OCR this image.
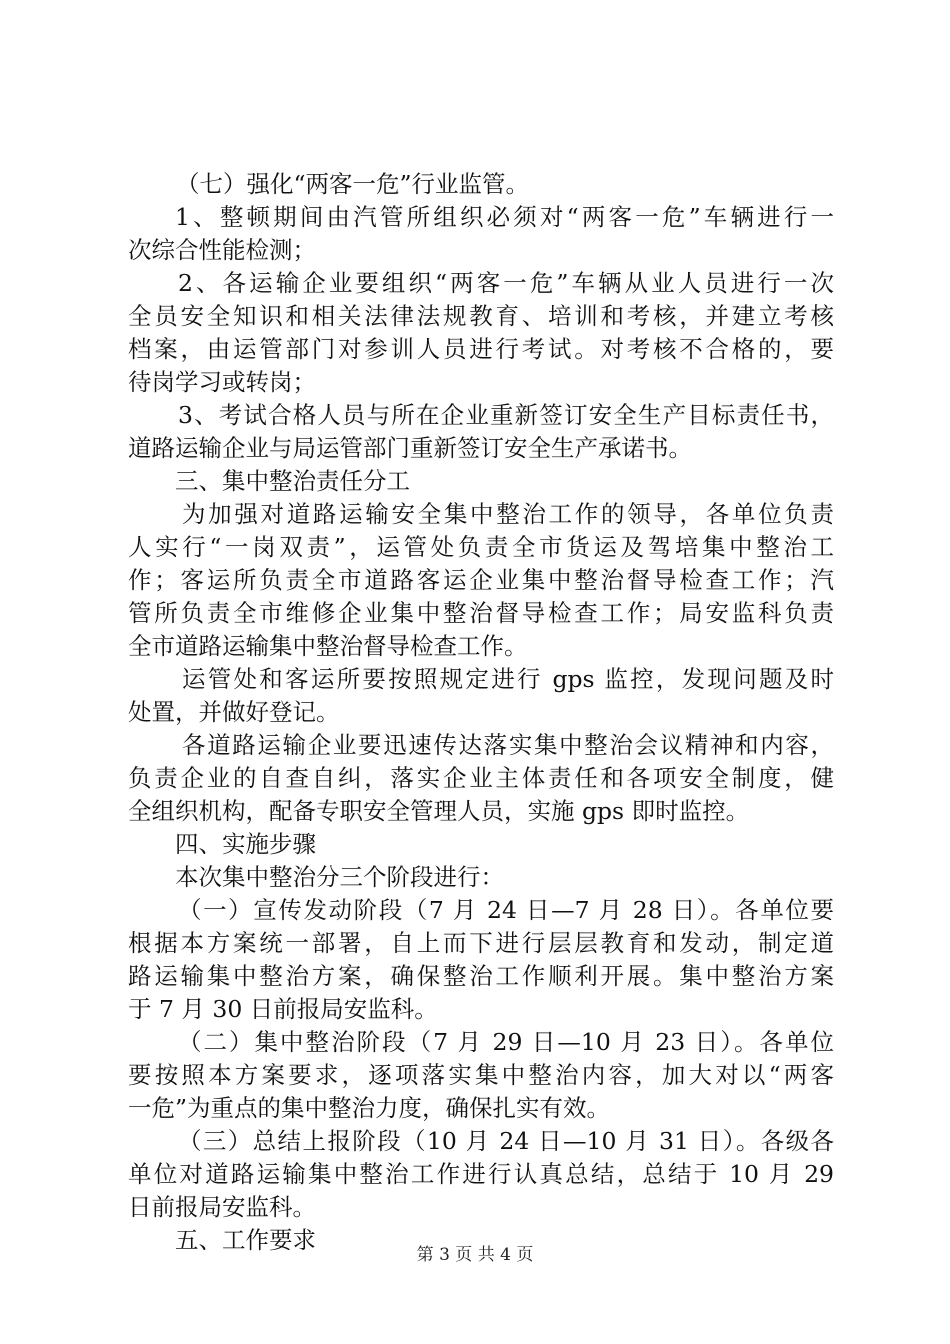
（七）强化“两客一危”行业监管。
1、整顿期间由汽管所组织必须对“两客一危”车辆进行一
次综合性能检测；
2、各运输企业要组织“两客一危”车辆从业人员进行一次
全员安全知识和相关法律法规教育、培训和考核，并建立考核
档案，由运管部门对参训人员进行考试。对考核不合格的，要
待岗学习或转岗；
3、考试合格人员与所在企业重新签订安全生产目标责任书，
道路运输企业与局运管部门重新签订安全生产承诺书。
三、集中整治责任分工
为加强对道路运输安全集中整治工作的领导，各单位负责
人实行“一岗双责”，运管处负责全市货运及驾培集中整治工
作；客运所负责全市道路客运企业集中整治督导检查工作；汽
管所负责全市维修企业集中整治督导检查工作；局安监科负责
全市道路运输集中整治督导检查工作。
运管处和客运所要按照规定进行 gps 监控，发现问题及时
处置，并做好登记。
各道路运输企业要迅速传达落实集中整治会议精神和内容，
负责企业的自查自纠，落实企业主体责任和各项安全制度，健
全组织机构，配备专职安全管理人员，实施 gps 即时监控。
四、实施步骤
本次集中整治分三个阶段进行：
（一）宣传发动阶段（7 月 24 日—7 月 28 日）。各单位要
根据本方案统一部署，自上而下进行层层教育和发动，制定道
路运输集中整治方案，确保整治工作顺利开展。集中整治方案
于 7 月 30 日前报局安监科。
（二）集中整治阶段（7 月 29 日—10 月 23 日）。各单位
要按照本方案要求，逐项落实集中整治内容，加大对以“两客
一危”为重点的集中整治力度，确保扎实有效。
（三）总结上报阶段（10 月 24 日—10 月 31 日）。各级各
单位对道路运输集中整治工作进行认真总结，总结于 10 月 29
日前报局安监科。
五、工作要求
第 3 页 共 4 页
